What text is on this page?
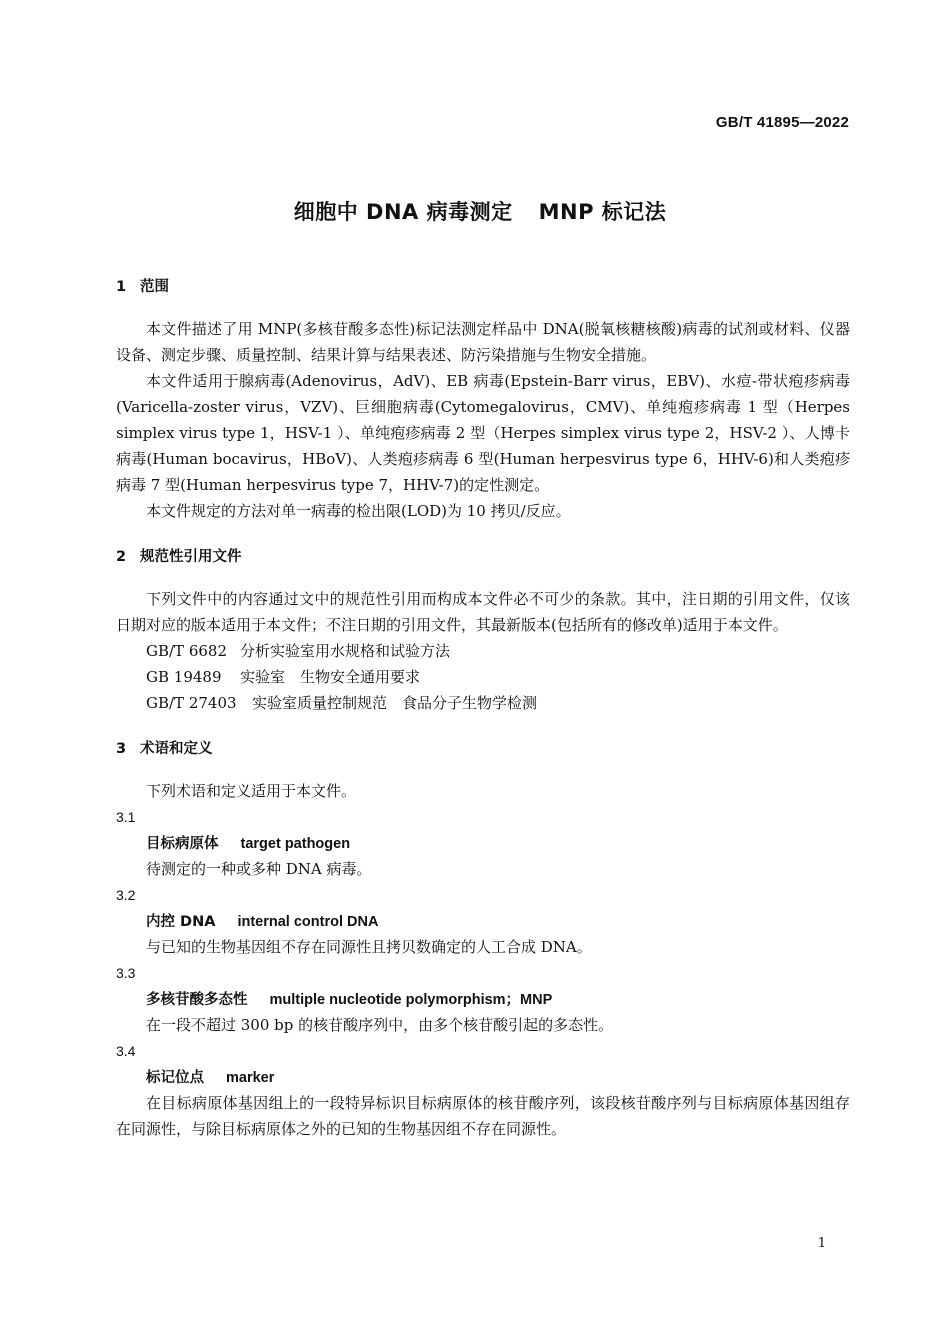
GB/T 41895—2022
细胞中 DNA 病毒测定 MNP 标记法
1 范围

本文件描述了用 MNP(多核苷酸多态性)标记法测定样品中 DNA(脱氧核糖核酸)病毒的试剂或材料、仪器设备、测定步骤、质量控制、结果计算与结果表述、防污染措施与生物安全措施。

本文件适用于腺病毒(Adenovirus，AdV)、EB 病毒(Epstein-Barr virus，EBV)、水痘-带状疱疹病毒(Varicella-zoster virus，VZV)、巨细胞病毒(Cytomegalovirus，CMV)、单纯疱疹病毒 1 型（Herpes simplex virus type 1，HSV-1 ）、单纯疱疹病毒 2 型（Herpes simplex virus type 2，HSV-2 ）、人博卡病毒(Human bocavirus，HBoV)、人类疱疹病毒 6 型(Human herpesvirus type 6，HHV-6)和人类疱疹病毒 7 型(Human herpesvirus type 7，HHV-7)的定性测定。

本文件规定的方法对单一病毒的检出限(LOD)为 10 拷贝/反应。

2 规范性引用文件

下列文件中的内容通过文中的规范性引用而构成本文件必不可少的条款。其中，注日期的引用文件，仅该日期对应的版本适用于本文件；不注日期的引用文件，其最新版本(包括所有的修改单)适用于本文件。

GB/T 6682 分析实验室用水规格和试验方法
GB 19489 实验室　生物安全通用要求
GB/T 27403 实验室质量控制规范　食品分子生物学检测
3 术语和定义

下列术语和定义适用于本文件。

3.1
目标病原体 target pathogen
待测定的一种或多种 DNA 病毒。
3.2
内控 DNA internal control DNA
与已知的生物基因组不存在同源性且拷贝数确定的人工合成 DNA。
3.3
多核苷酸多态性 multiple nucleotide polymorphism；MNP
在一段不超过 300 bp 的核苷酸序列中，由多个核苷酸引起的多态性。
3.4
标记位点 marker

在目标病原体基因组上的一段特异标识目标病原体的核苷酸序列，该段核苷酸序列与目标病原体基因组存在同源性，与除目标病原体之外的已知的生物基因组不存在同源性。

1
